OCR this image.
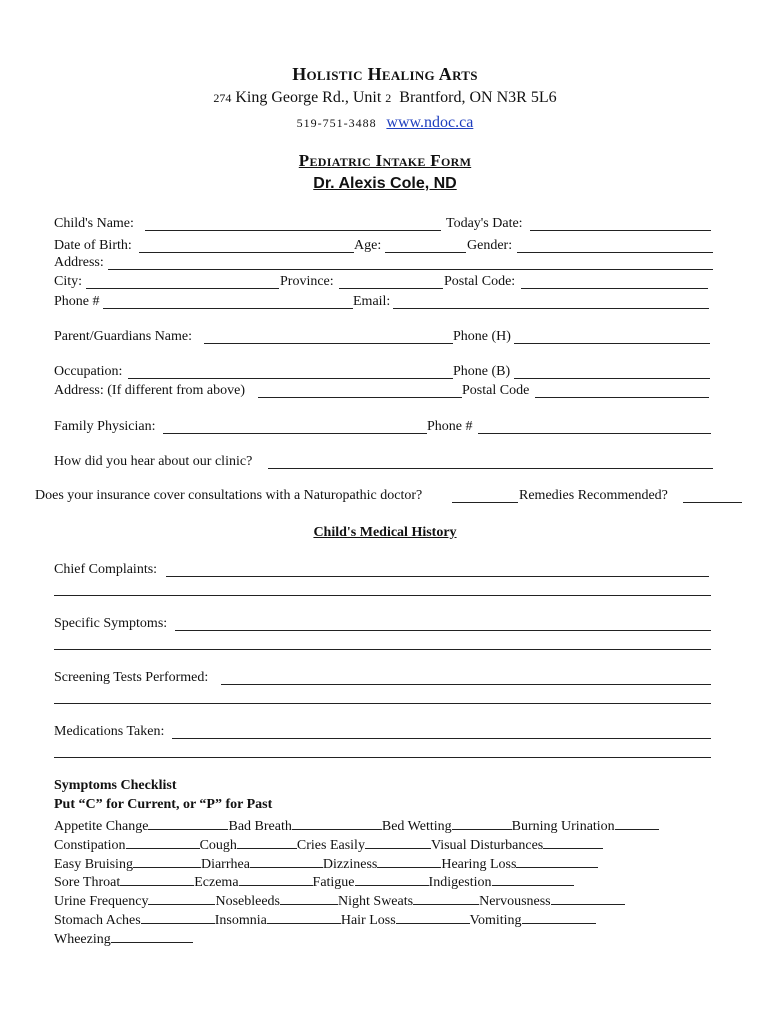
Holistic Healing Arts
274 King George Rd., Unit 2 Brantford, ON N3R 5L6
519-751-3488 www.ndoc.ca
Pediatric Intake Form
Dr. Alexis Cole, ND
Child's Name:	Today's Date:
Date of Birth:	Age:	Gender:
Address:
City:	Province:	Postal Code:
Phone #	Email:
Parent/Guardians Name:	Phone (H)
Occupation:	Phone (B)
Address: (If different from above)	Postal Code
Family Physician:	Phone #
How did you hear about our clinic?
Does your insurance cover consultations with a Naturopathic doctor?	Remedies Recommended?
Child's Medical History
Chief Complaints:
Specific Symptoms:
Screening Tests Performed:
Medications Taken:
Symptoms Checklist
Put “C” for Current, or “P” for Past
Appetite Change	Bad Breath	Bed Wetting	Burning Urination
Constipation	Cough	Cries Easily	Visual Disturbances
Easy Bruising	Diarrhea	Dizziness	Hearing Loss
Sore Throat	Eczema	Fatigue	Indigestion
Urine Frequency	Nosebleeds	Night Sweats	Nervousness
Stomach Aches	Insomnia	Hair Loss	Vomiting
Wheezing
